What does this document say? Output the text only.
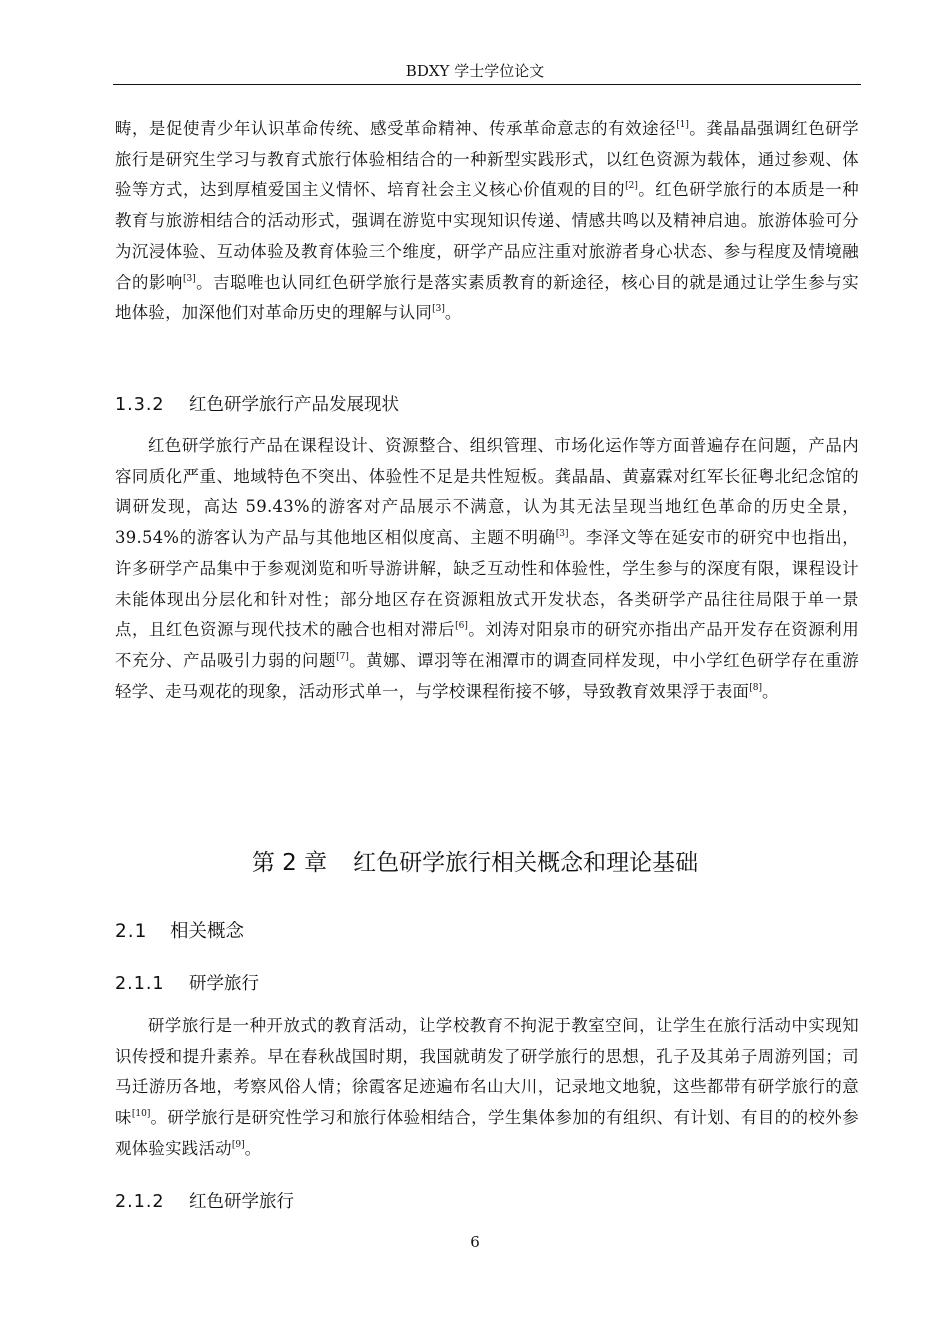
BDXY 学士学位论文

畴，是促使青少年认识革命传统、感受革命精神、传承革命意志的有效途径[1]。龚晶晶强调红色研学旅行是研究生学习与教育式旅行体验相结合的一种新型实践形式，以红色资源为载体，通过参观、体验等方式，达到厚植爱国主义情怀、培育社会主义核心价值观的目的[2]。红色研学旅行的本质是一种教育与旅游相结合的活动形式，强调在游览中实现知识传递、情感共鸣以及精神启迪。旅游体验可分为沉浸体验、互动体验及教育体验三个维度，研学产品应注重对旅游者身心状态、参与程度及情境融合的影响[3]。吉聪唯也认同红色研学旅行是落实素质教育的新途径，核心目的就是通过让学生参与实地体验，加深他们对革命历史的理解与认同[3]。

1.3.2 红色研学旅行产品发展现状

红色研学旅行产品在课程设计、资源整合、组织管理、市场化运作等方面普遍存在问题，产品内容同质化严重、地域特色不突出、体验性不足是共性短板。龚晶晶、黄嘉霖对红军长征粤北纪念馆的调研发现，高达 59.43%的游客对产品展示不满意，认为其无法呈现当地红色革命的历史全景，39.54%的游客认为产品与其他地区相似度高、主题不明确[3]。李泽文等在延安市的研究中也指出，许多研学产品集中于参观浏览和听导游讲解，缺乏互动性和体验性，学生参与的深度有限，课程设计未能体现出分层化和针对性；部分地区存在资源粗放式开发状态，各类研学产品往往局限于单一景点，且红色资源与现代技术的融合也相对滞后[6]。刘涛对阳泉市的研究亦指出产品开发存在资源利用不充分、产品吸引力弱的问题[7]。黄娜、谭羽等在湘潭市的调查同样发现，中小学红色研学存在重游轻学、走马观花的现象，活动形式单一，与学校课程衔接不够，导致教育效果浮于表面[8]。

第 2 章 红色研学旅行相关概念和理论基础
2.1 相关概念
2.1.1 研学旅行

研学旅行是一种开放式的教育活动，让学校教育不拘泥于教室空间，让学生在旅行活动中实现知识传授和提升素养。早在春秋战国时期，我国就萌发了研学旅行的思想，孔子及其弟子周游列国；司马迁游历各地，考察风俗人情；徐霞客足迹遍布名山大川，记录地文地貌，这些都带有研学旅行的意味[10]。研学旅行是研究性学习和旅行体验相结合，学生集体参加的有组织、有计划、有目的的校外参观体验实践活动[9]。

2.1.2 红色研学旅行
6
